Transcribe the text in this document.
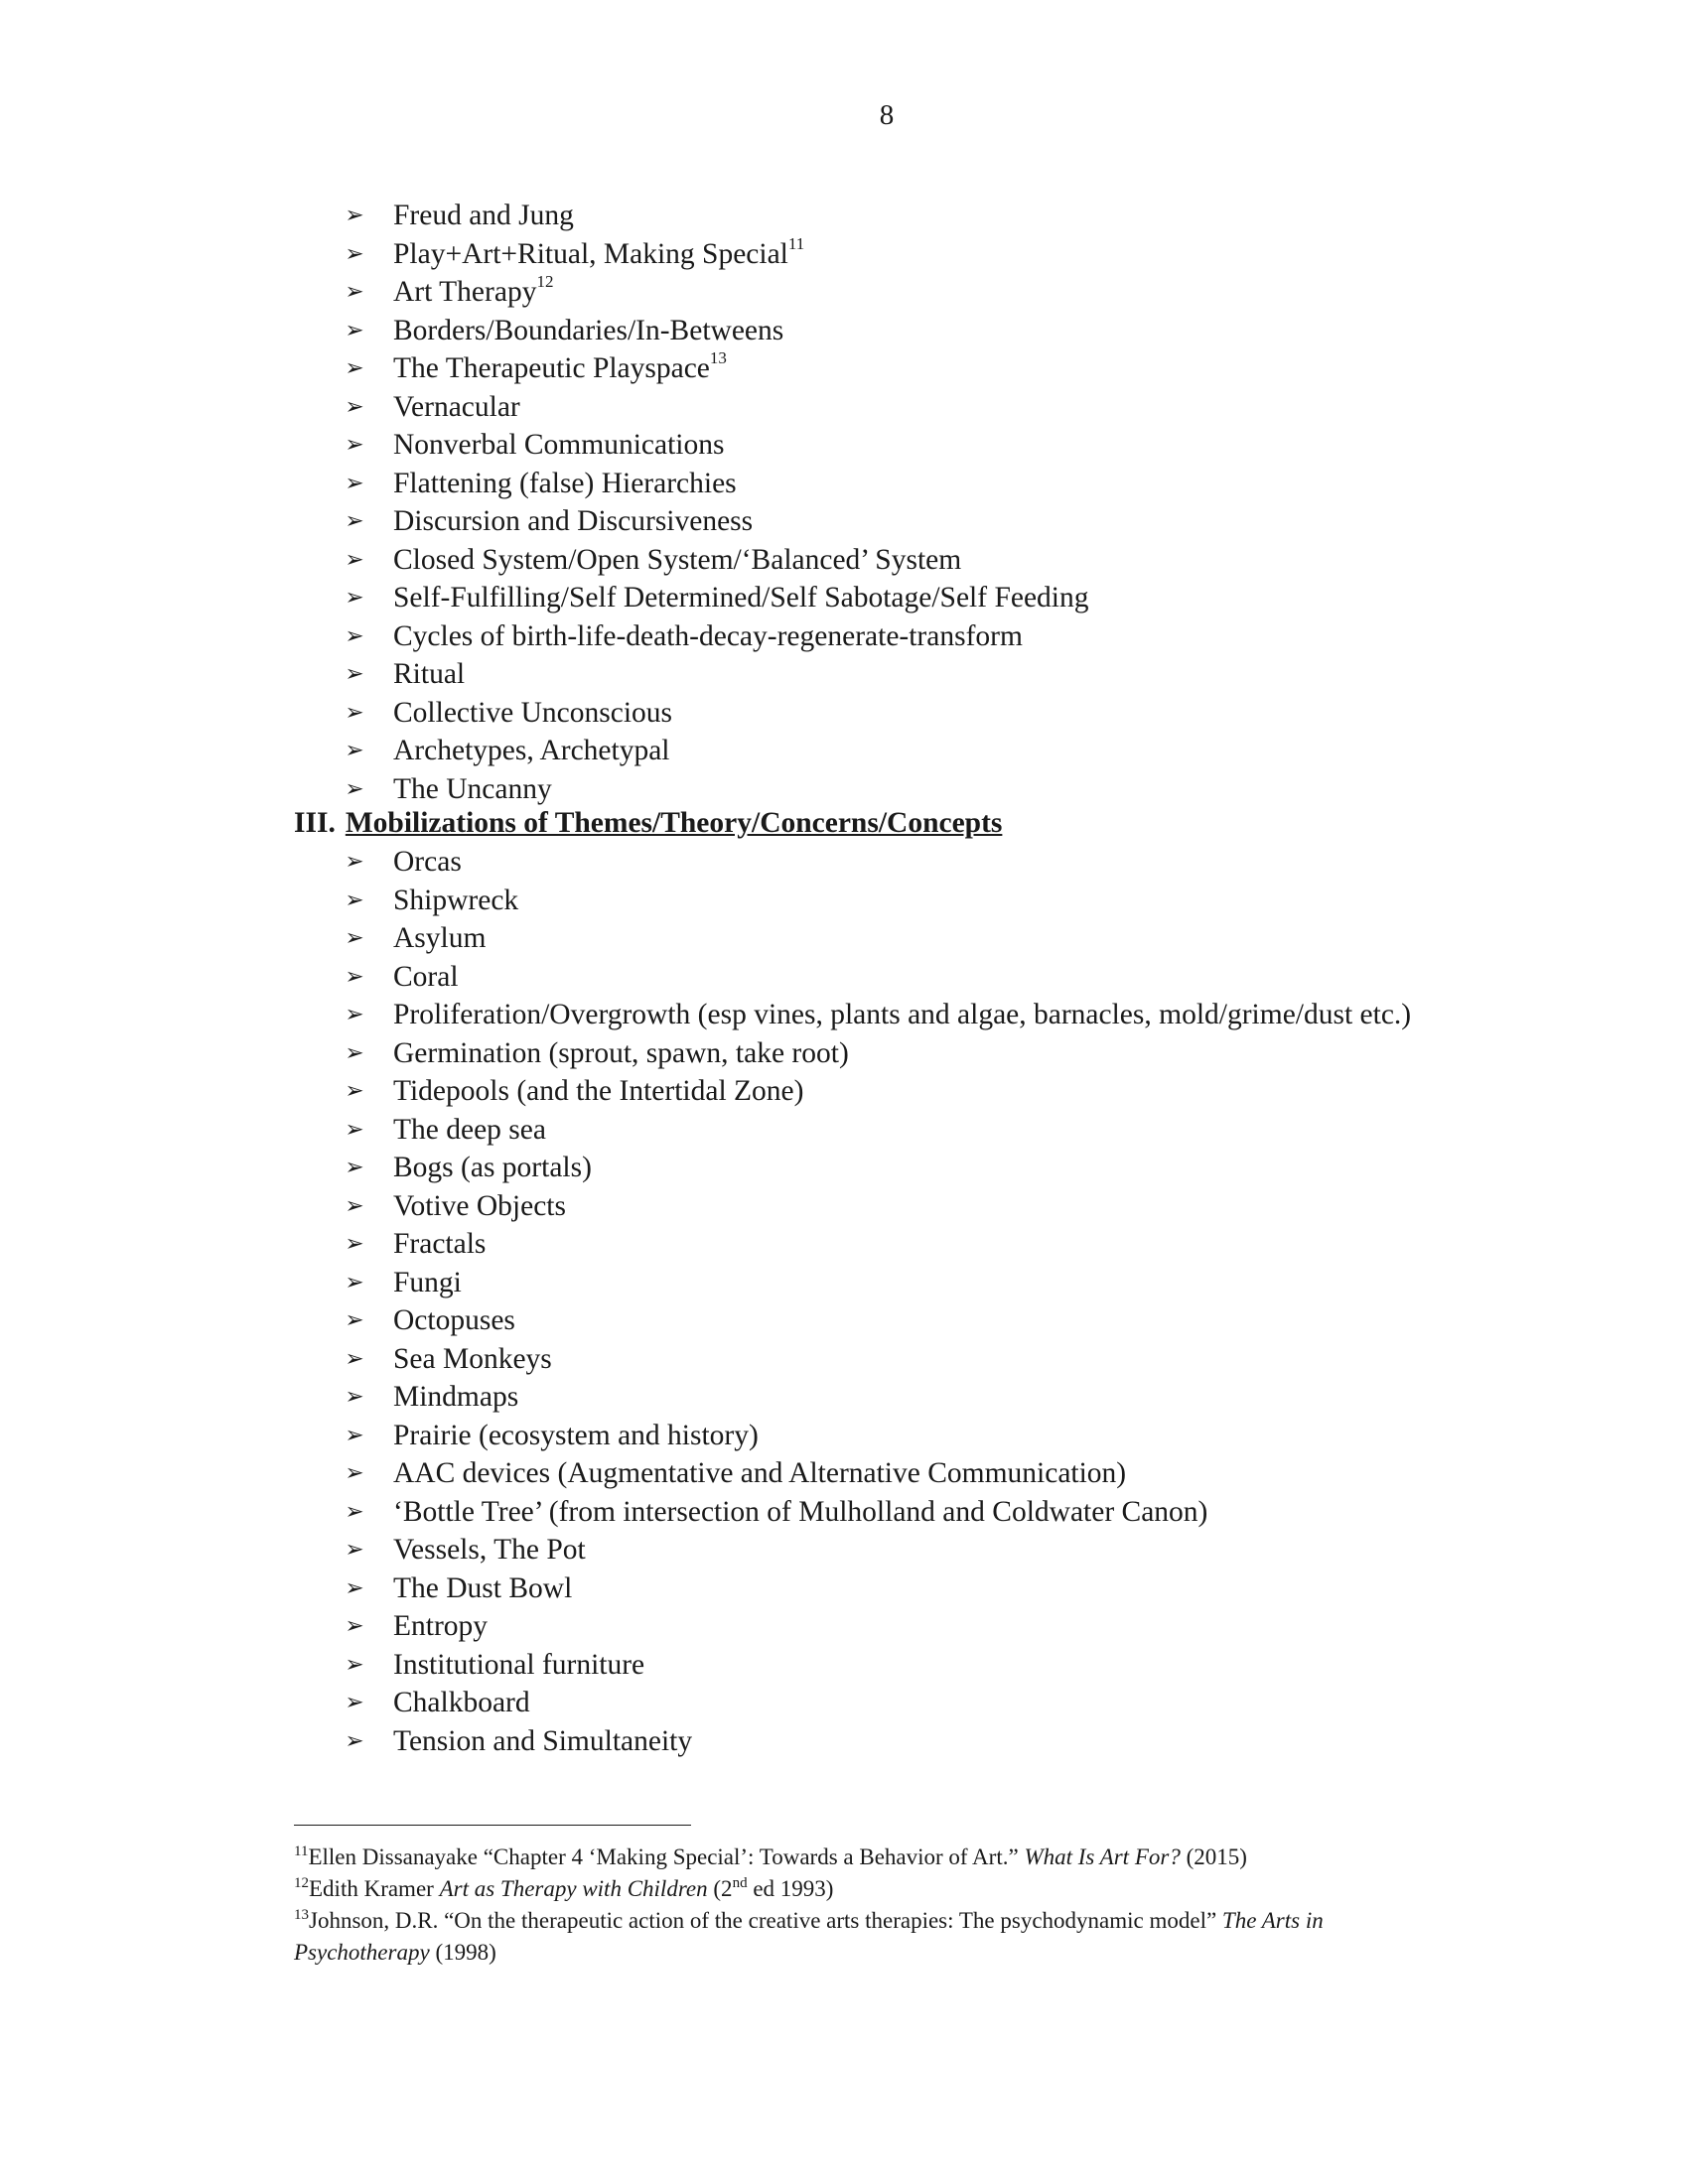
8
➢ Freud and Jung
➢ Play+Art+Ritual, Making Special$^{11}$
➢ Art Therapy$^{12}$
➢ Borders/Boundaries/In-Betweens
➢ The Therapeutic Playspace$^{13}$
➢ Vernacular
➢ Nonverbal Communications
➢ Flattening (false) Hierarchies
➢ Discursion and Discursiveness
➢ Closed System/Open System/‘Balanced’ System
➢ Self-Fulfilling/Self Determined/Self Sabotage/Self Feeding
➢ Cycles of birth-life-death-decay-regenerate-transform
➢ Ritual
➢ Collective Unconscious
➢ Archetypes, Archetypal
➢ The Uncanny
III. Mobilizations of Themes/Theory/Concerns/Concepts
➢ Orcas
➢ Shipwreck
➢ Asylum
➢ Coral
➢ Proliferation/Overgrowth (esp vines, plants and algae, barnacles, mold/grime/dust etc.)
➢ Germination (sprout, spawn, take root)
➢ Tidepools (and the Intertidal Zone)
➢ The deep sea
➢ Bogs (as portals)
➢ Votive Objects
➢ Fractals
➢ Fungi
➢ Octopuses
➢ Sea Monkeys
➢ Mindmaps
➢ Prairie (ecosystem and history)
➢ AAC devices (Augmentative and Alternative Communication)
➢ ‘Bottle Tree’ (from intersection of Mulholland and Coldwater Canon)
➢ Vessels, The Pot
➢ The Dust Bowl
➢ Entropy
➢ Institutional furniture
➢ Chalkboard
➢ Tension and Simultaneity

$^{11}$Ellen Dissanayake “Chapter 4 ‘Making Special’: Towards a Behavior of Art.” What Is Art For? (2015)

$^{12}$Edith Kramer Art as Therapy with Children (2nd ed 1993)

$^{13}$Johnson, D.R. “On the therapeutic action of the creative arts therapies: The psychodynamic model” The Arts in Psychotherapy (1998)
